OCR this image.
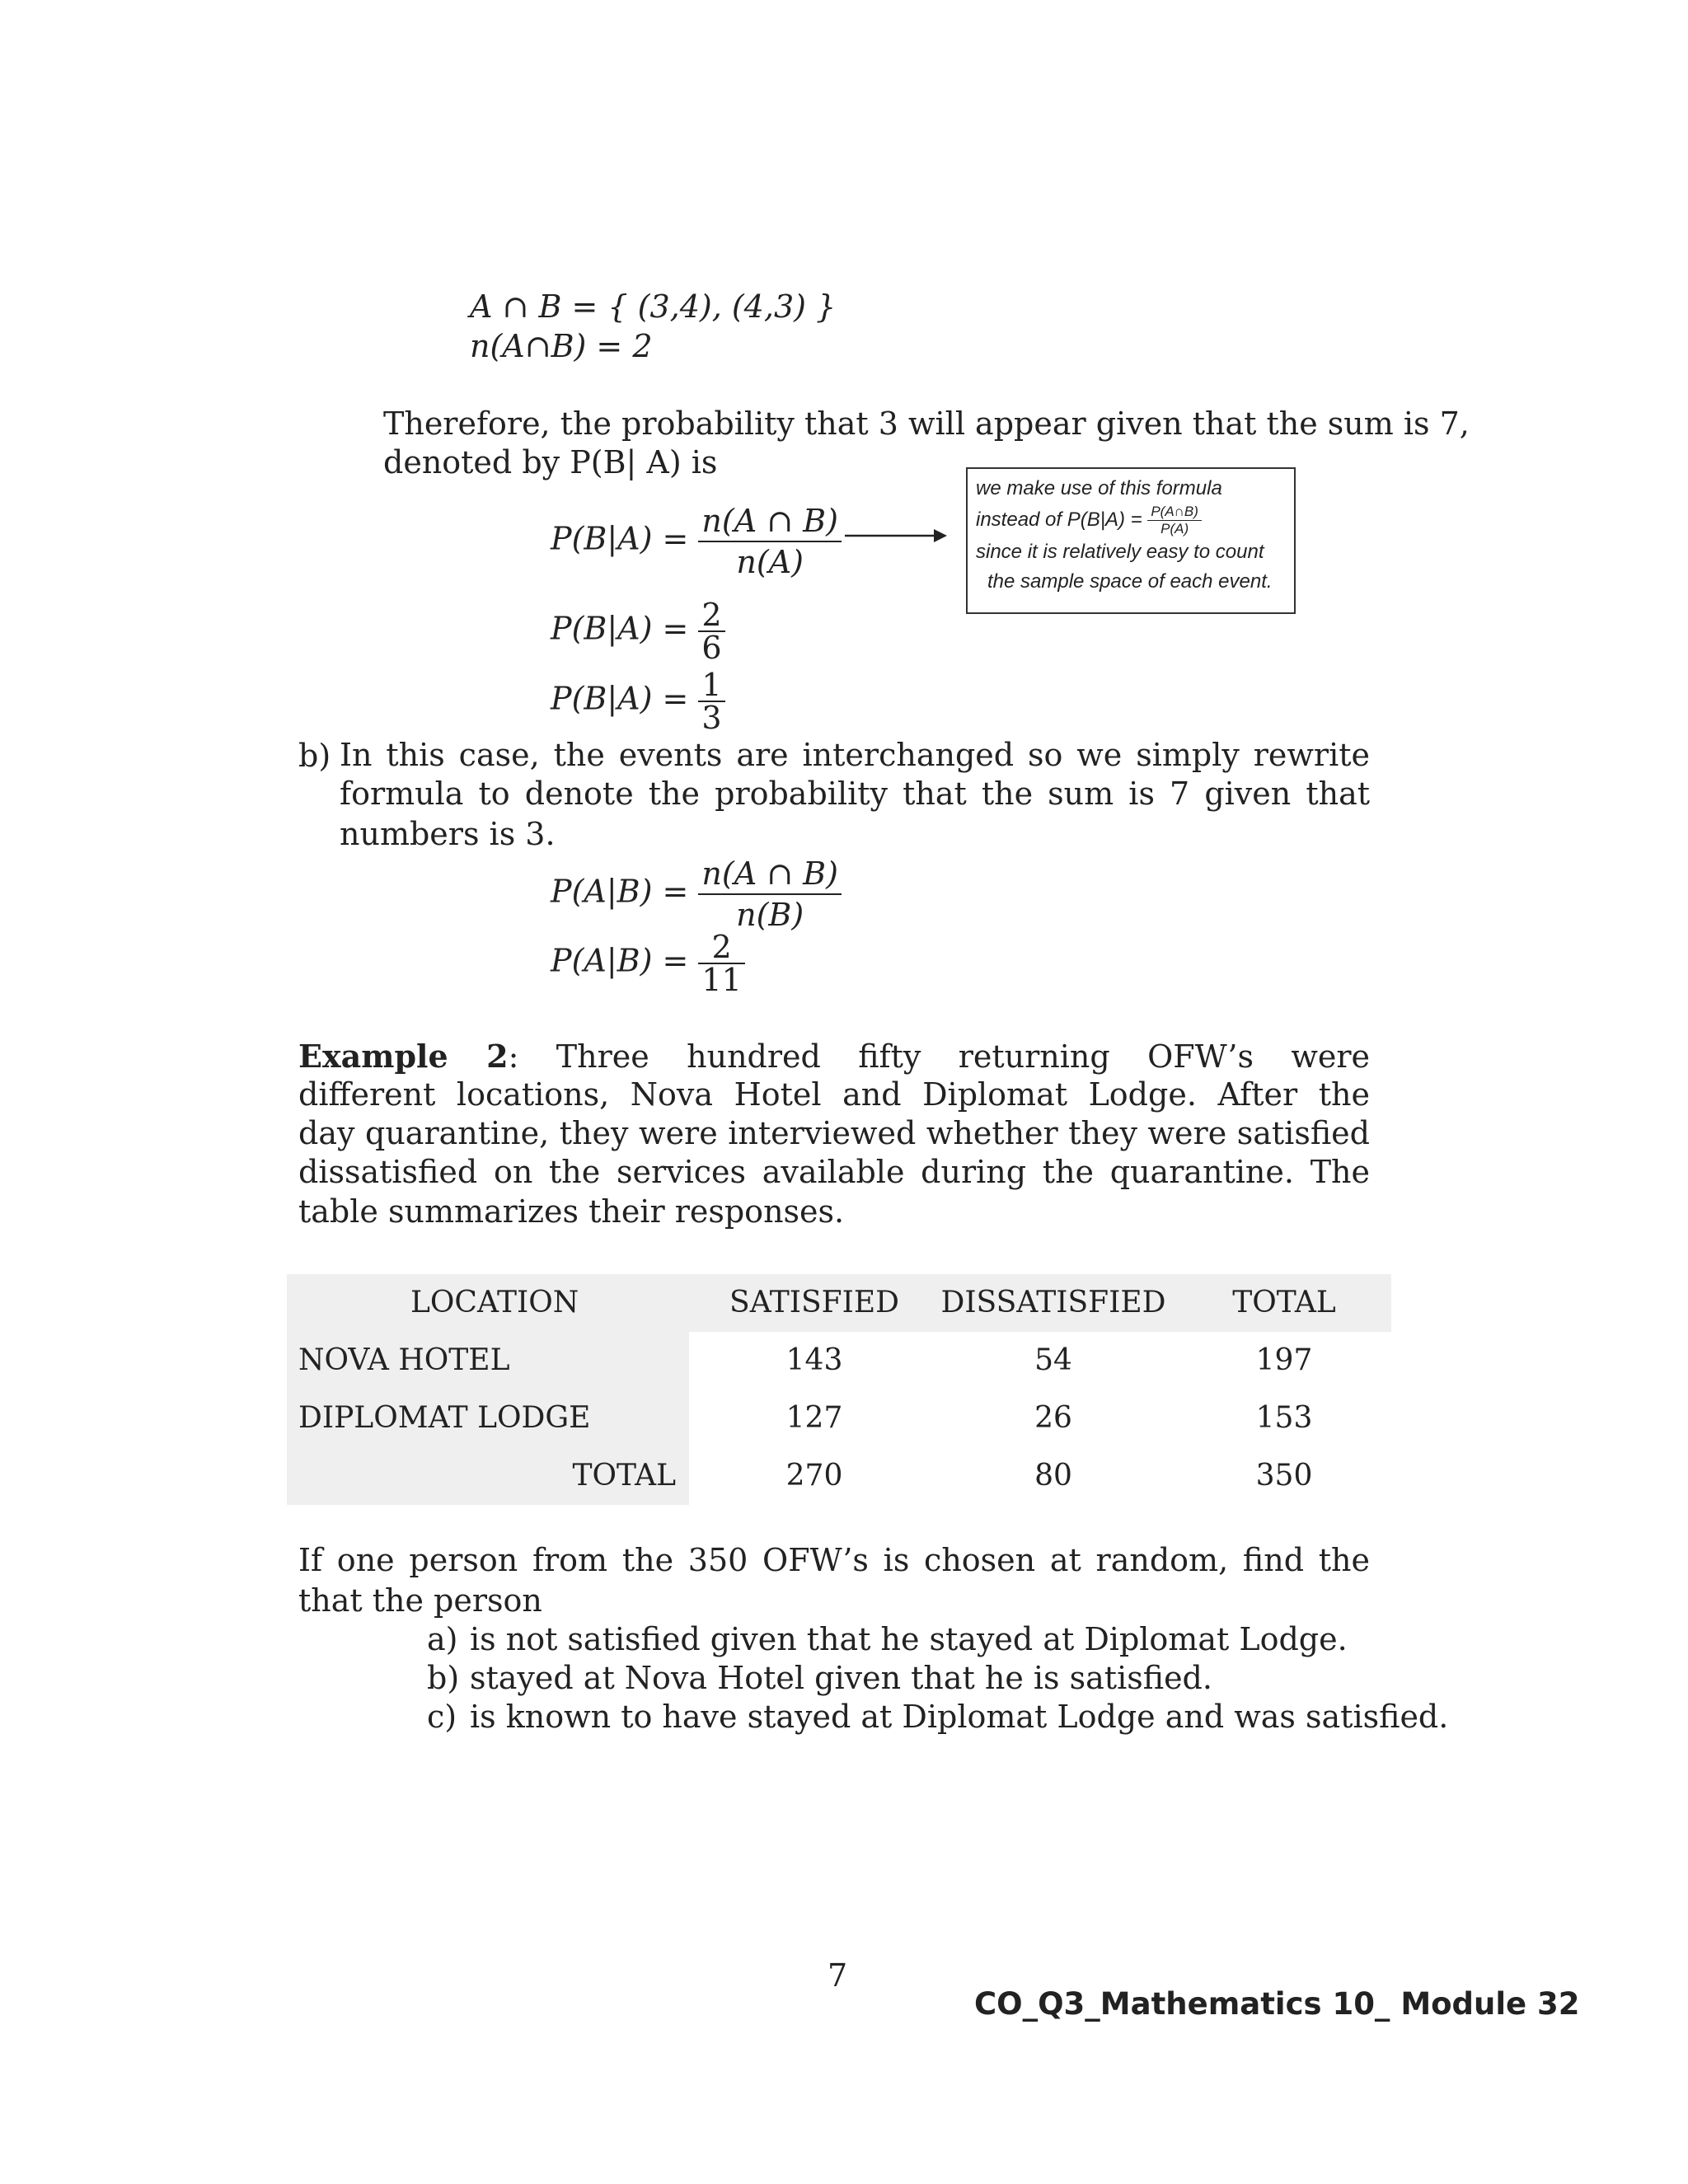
A ∩ B = { (3,4), (4,3) }
n(A∩B) = 2
Therefore, the probability that 3 will appear given that the sum is 7,
denoted by P(B| A) is
$P(B|A) = \frac{n(A \cap B)}{n(A)}$
$P(B|A) = \frac{2}{6}$
$P(B|A) = \frac{1}{3}$
we make use of this formula
instead of $P(B|A) = \frac{P(A\cap B)}{P(A)}$
since it is relatively easy to count
the sample space of each event.
b) In this case, the events are interchanged so we simply rewrite
formula to denote the probability that the sum is 7 given that
numbers is 3.
$P(A|B) = \frac{n(A \cap B)}{n(B)}$
$P(A|B) = \frac{2}{11}$
Example 2: Three hundred fifty returning OFW’s were
different locations, Nova Hotel and Diplomat Lodge. After the
day quarantine, they were interviewed whether they were satisfied
dissatisfied on the services available during the quarantine. The
table summarizes their responses.
LOCATION	SATISFIED	DISSATISFIED	TOTAL
NOVA HOTEL	143	54	197
DIPLOMAT LODGE	127	26	153
TOTAL	270	80	350
If one person from the 350 OFW’s is chosen at random, find the
that the person
a) is not satisfied given that he stayed at Diplomat Lodge.
b) stayed at Nova Hotel given that he is satisfied.
c) is known to have stayed at Diplomat Lodge and was satisfied.
7
CO_Q3_Mathematics 10_ Module 32
